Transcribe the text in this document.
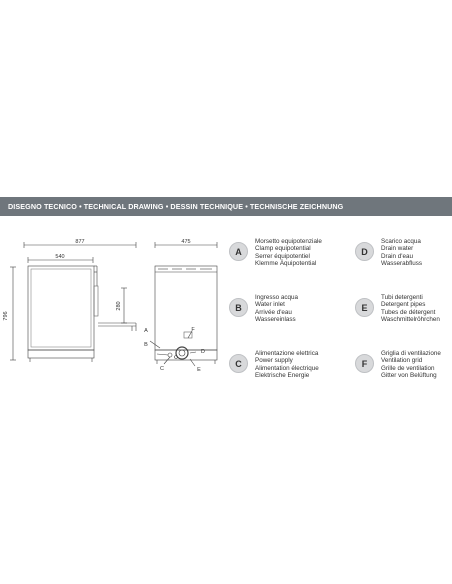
DISEGNO TECNICO • TECHNICAL DRAWING • DESSIN TECHNIQUE • TECHNISCHE ZEICHNUNG
877
540
475
796
280
A
B
C
D
E
F
A
Morsetto equipotenziale
Clamp equipotential
Serrer équipotentiel
Klemme Äquipotential
D
Scarico acqua
Drain water
Drain d'eau
Wasserabfluss
B
Ingresso acqua
Water inlet
Arrivée d'eau
Wassereinlass
E
Tubi detergenti
Detergent pipes
Tubes de détergent
Waschmittelröhrchen
C
Alimentazione elettrica
Power supply
Alimentation électrique
Elektrische Energie
F
Griglia di ventilazione
Ventilation grid
Grille de ventilation
Gitter von Belüftung
